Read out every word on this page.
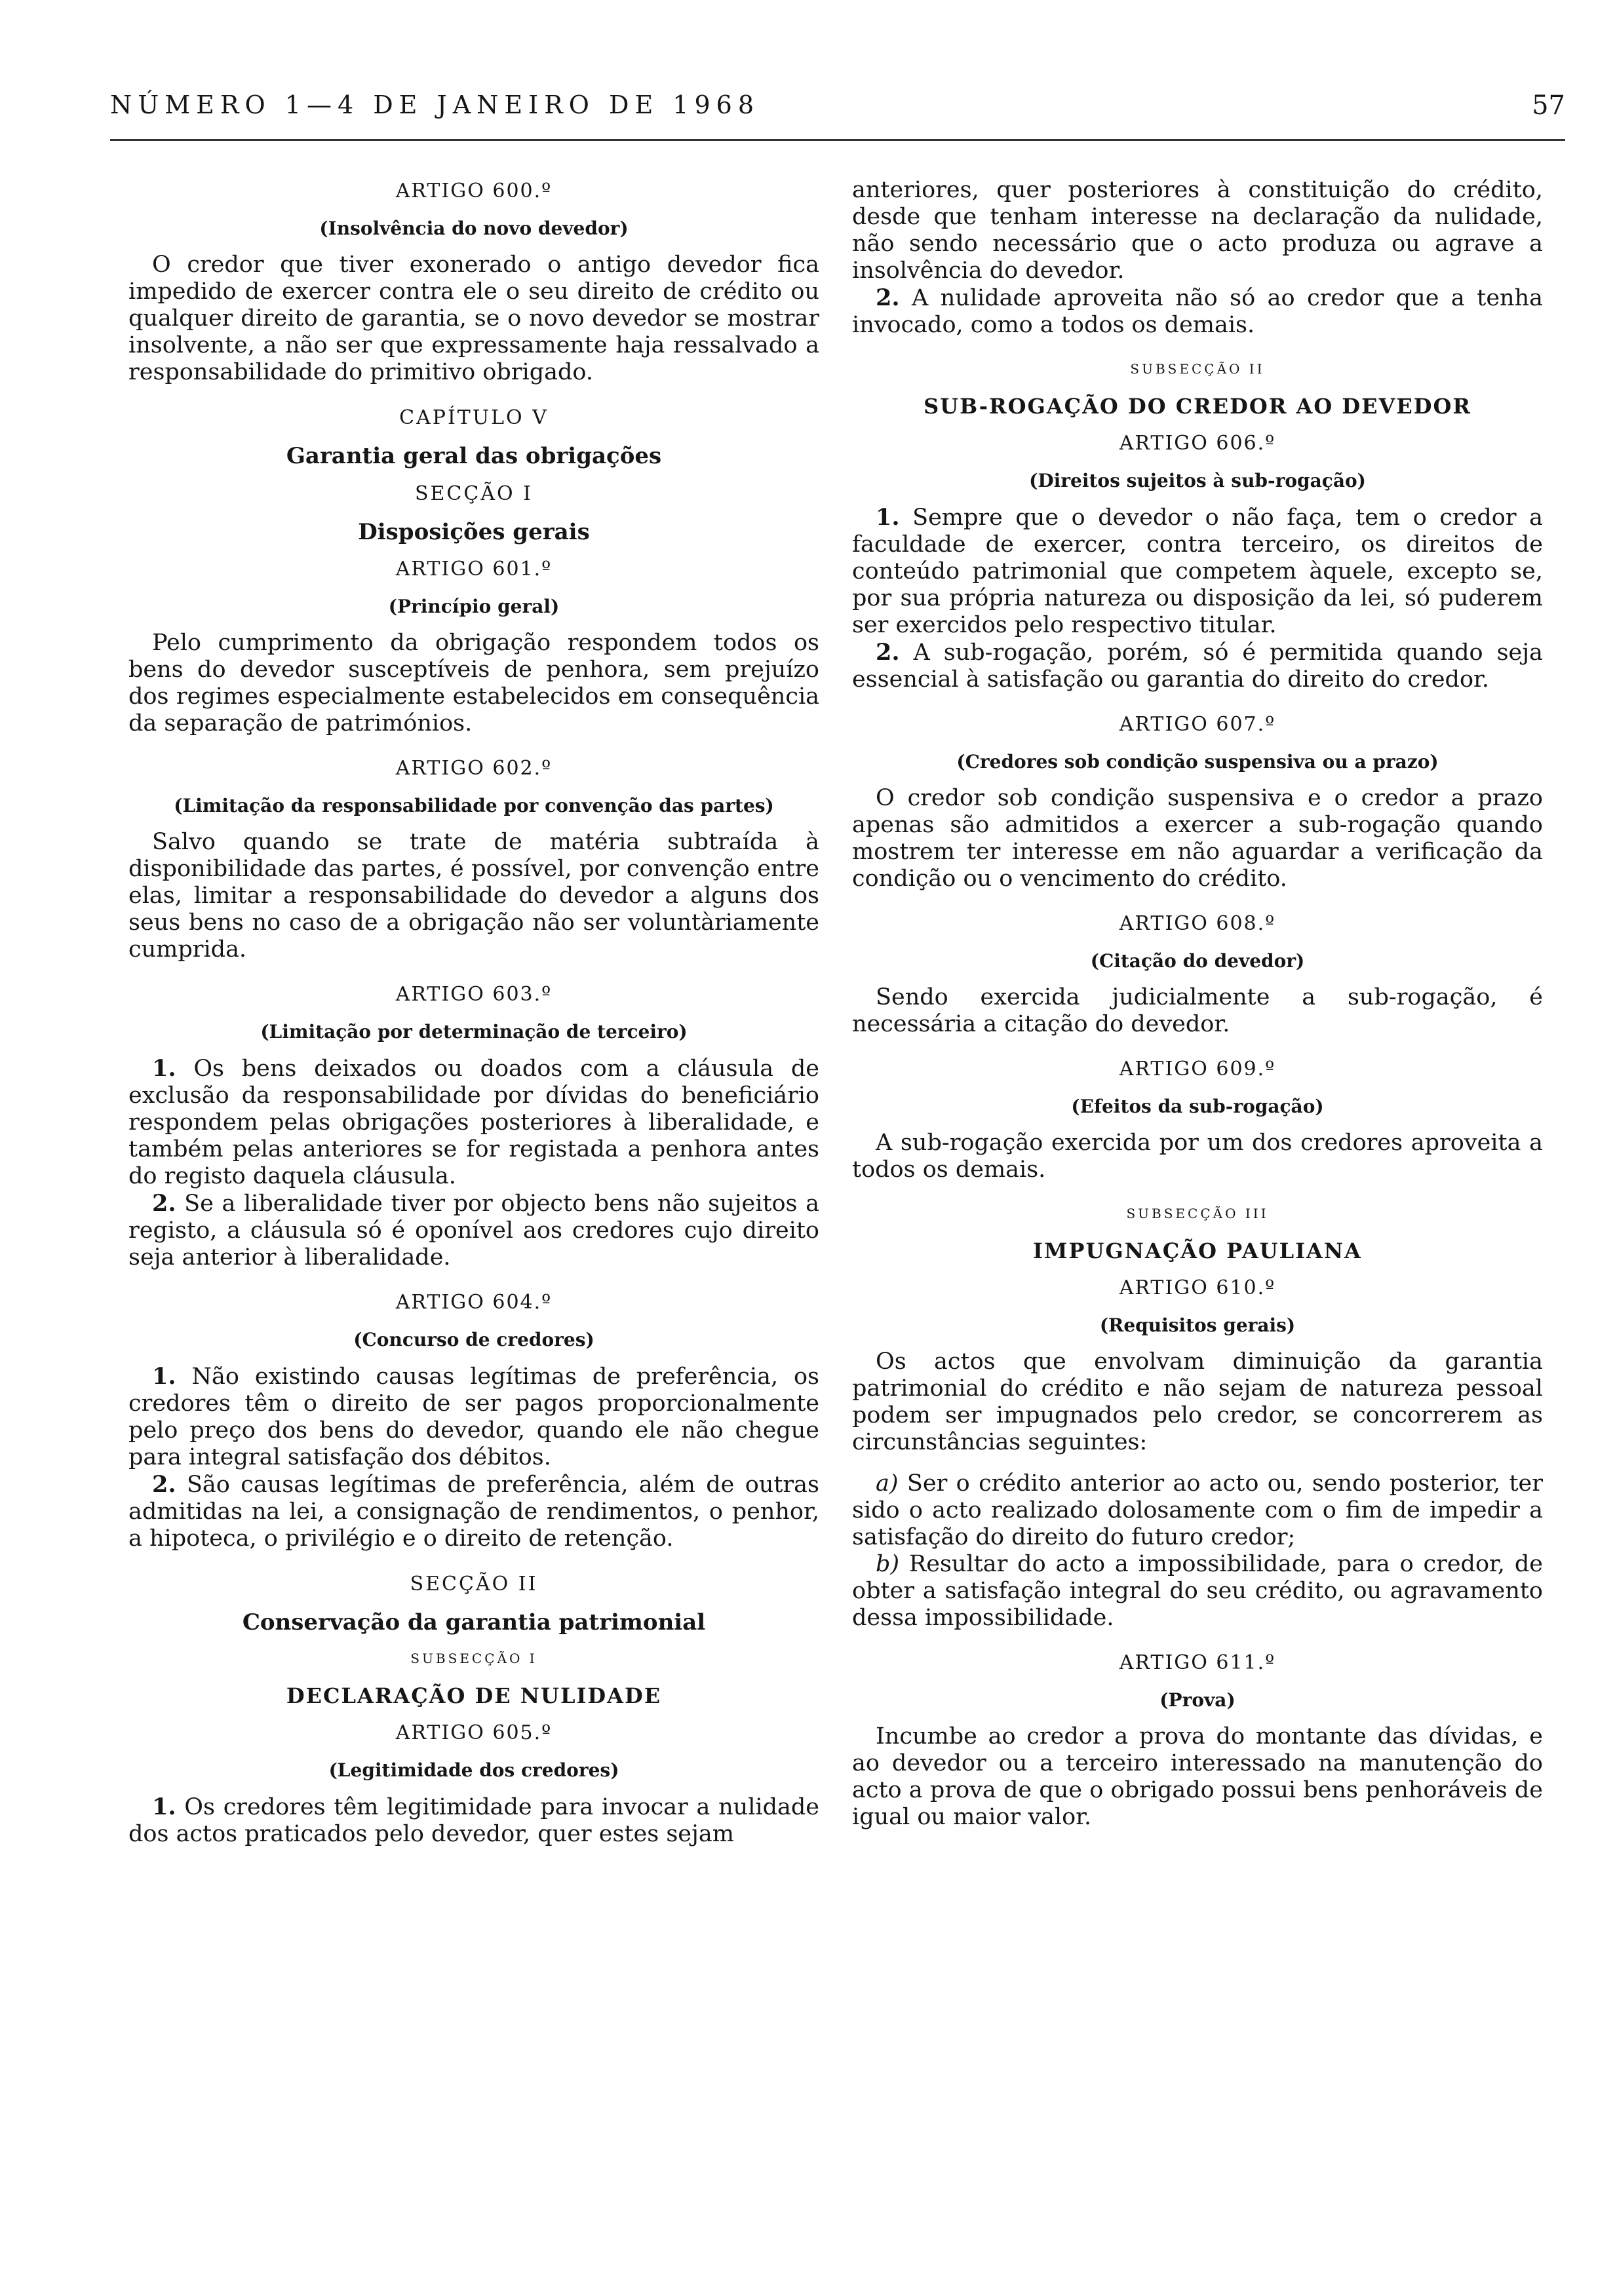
NÚMERO 1—4 DE JANEIRO DE 1968	57
ARTIGO 600.º
(Insolvência do novo devedor)

O credor que tiver exonerado o antigo devedor fica impedido de exercer contra ele o seu direito de crédito ou qualquer direito de garantia, se o novo devedor se mostrar insolvente, a não ser que expressamente haja ressalvado a responsabilidade do primitivo obrigado.

CAPÍTULO V
Garantia geral das obrigações
SECÇÃO I
Disposições gerais
ARTIGO 601.º
(Princípio geral)

Pelo cumprimento da obrigação respondem todos os bens do devedor susceptíveis de penhora, sem prejuízo dos regimes especialmente estabelecidos em consequência da separação de patrimónios.

ARTIGO 602.º
(Limitação da responsabilidade por convenção das partes)

Salvo quando se trate de matéria subtraída à disponibilidade das partes, é possível, por convenção entre elas, limitar a responsabilidade do devedor a alguns dos seus bens no caso de a obrigação não ser voluntàriamente cumprida.

ARTIGO 603.º
(Limitação por determinação de terceiro)

1. Os bens deixados ou doados com a cláusula de exclusão da responsabilidade por dívidas do beneficiário respondem pelas obrigações posteriores à liberalidade, e também pelas anteriores se for registada a penhora antes do registo daquela cláusula.

2. Se a liberalidade tiver por objecto bens não sujeitos a registo, a cláusula só é oponível aos credores cujo direito seja anterior à liberalidade.

ARTIGO 604.º
(Concurso de credores)

1. Não existindo causas legítimas de preferência, os credores têm o direito de ser pagos proporcionalmente pelo preço dos bens do devedor, quando ele não chegue para integral satisfação dos débitos.

2. São causas legítimas de preferência, além de outras admitidas na lei, a consignação de rendimentos, o penhor, a hipoteca, o privilégio e o direito de retenção.

SECÇÃO II
Conservação da garantia patrimonial
SUBSECÇÃO I
DECLARAÇÃO DE NULIDADE
ARTIGO 605.º
(Legitimidade dos credores)

1. Os credores têm legitimidade para invocar a nulidade dos actos praticados pelo devedor, quer estes sejam

anteriores, quer posteriores à constituição do crédito, desde que tenham interesse na declaração da nulidade, não sendo necessário que o acto produza ou agrave a insolvência do devedor.

2. A nulidade aproveita não só ao credor que a tenha invocado, como a todos os demais.

SUBSECÇÃO II
SUB-ROGAÇÃO DO CREDOR AO DEVEDOR
ARTIGO 606.º
(Direitos sujeitos à sub-rogação)

1. Sempre que o devedor o não faça, tem o credor a faculdade de exercer, contra terceiro, os direitos de conteúdo patrimonial que competem àquele, excepto se, por sua própria natureza ou disposição da lei, só puderem ser exercidos pelo respectivo titular.

2. A sub-rogação, porém, só é permitida quando seja essencial à satisfação ou garantia do direito do credor.

ARTIGO 607.º
(Credores sob condição suspensiva ou a prazo)

O credor sob condição suspensiva e o credor a prazo apenas são admitidos a exercer a sub-rogação quando mostrem ter interesse em não aguardar a verificação da condição ou o vencimento do crédito.

ARTIGO 608.º
(Citação do devedor)

Sendo exercida judicialmente a sub-rogação, é necessária a citação do devedor.

ARTIGO 609.º
(Efeitos da sub-rogação)

A sub-rogação exercida por um dos credores aproveita a todos os demais.

SUBSECÇÃO III
IMPUGNAÇÃO PAULIANA
ARTIGO 610.º
(Requisitos gerais)

Os actos que envolvam diminuição da garantia patrimonial do crédito e não sejam de natureza pessoal podem ser impugnados pelo credor, se concorrerem as circunstâncias seguintes:

a) Ser o crédito anterior ao acto ou, sendo posterior, ter sido o acto realizado dolosamente com o fim de impedir a satisfação do direito do futuro credor;

b) Resultar do acto a impossibilidade, para o credor, de obter a satisfação integral do seu crédito, ou agravamento dessa impossibilidade.

ARTIGO 611.º
(Prova)

Incumbe ao credor a prova do montante das dívidas, e ao devedor ou a terceiro interessado na manutenção do acto a prova de que o obrigado possui bens penhoráveis de igual ou maior valor.
